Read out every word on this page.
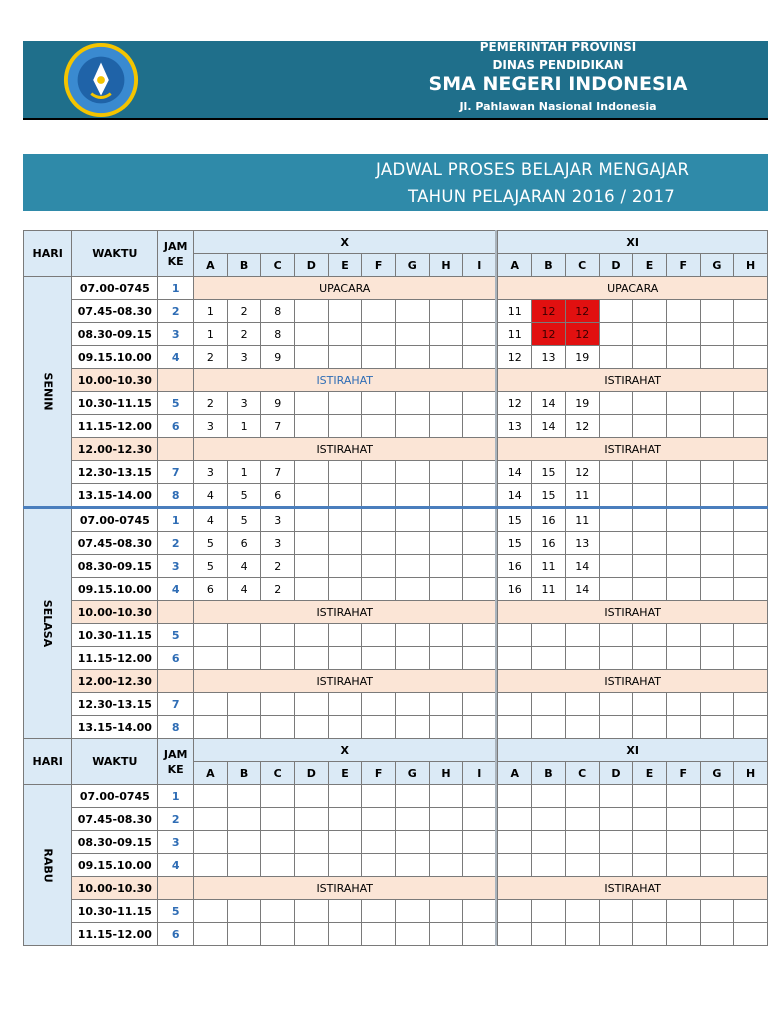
PEMERINTAH PROVINSI
DINAS PENDIDIKAN
SMA NEGERI INDONESIA
Jl. Pahlawan Nasional Indonesia
JADWAL PROSES BELAJAR MENGAJAR
TAHUN PELAJARAN 2016 / 2017
HARI	WAKTU	JAM KE	X									XI							
			A	B	C	D	E	F	G	H	I	A	B	C	D	E	F	G	H
SENIN	07.00-0745	1	UPACARA									UPACARA							
	07.45-08.30	2	1	2	8								11	12	12					
	08.30-09.15	3	1	2	8								11	12	12					
	09.15.10.00	4	2	3	9								12	13	19					
	10.00-10.30		ISTIRAHAT									ISTIRAHAT							
	10.30-11.15	5	2	3	9								12	14	19					
	11.15-12.00	6	3	1	7								13	14	12					
	12.00-12.30		ISTIRAHAT									ISTIRAHAT							
	12.30-13.15	7	3	1	7								14	15	12					
	13.15-14.00	8	4	5	6								14	15	11					
SELASA	07.00-0745	1	4	5	3								15	16	11					
	07.45-08.30	2	5	6	3								15	16	13					
	08.30-09.15	3	5	4	2								16	11	14					
	09.15.10.00	4	6	4	2								16	11	14					
	10.00-10.30		ISTIRAHAT									ISTIRAHAT							
	10.30-11.15	5																		
	11.15-12.00	6																		
	12.00-12.30		ISTIRAHAT									ISTIRAHAT							
	12.30-13.15	7																		
	13.15-14.00	8																		
HARI	WAKTU	JAM KE	X									XI							
			A	B	C	D	E	F	G	H	I	A	B	C	D	E	F	G	H
RABU	07.00-0745	1																		
	07.45-08.30	2																		
	08.30-09.15	3																		
	09.15.10.00	4																		
	10.00-10.30		ISTIRAHAT									ISTIRAHAT							
	10.30-11.15	5																		
	11.15-12.00	6																		
